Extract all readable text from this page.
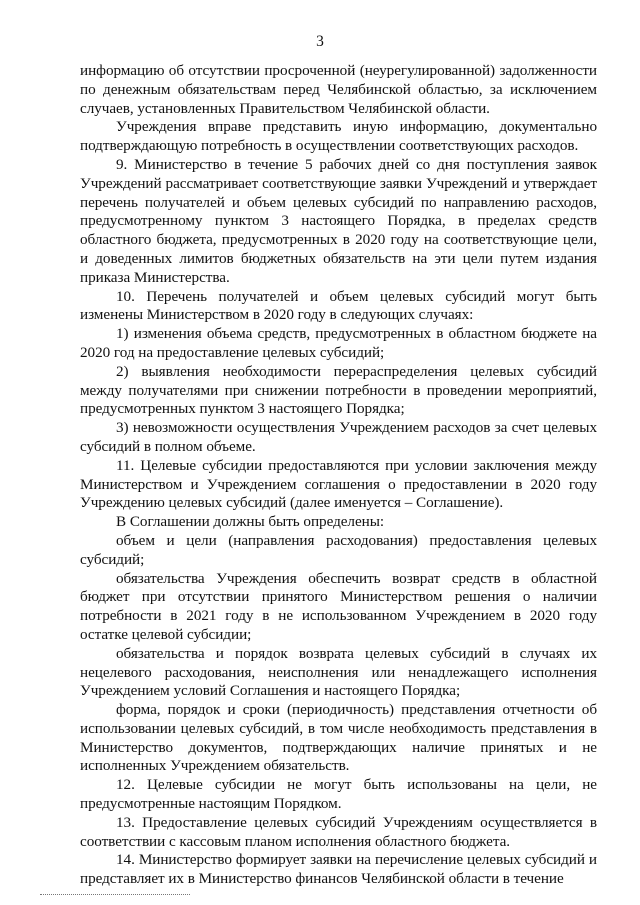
3

информацию об отсутствии просроченной (неурегулированной) задолженности по денежным обязательствам перед Челябинской областью, за исключением случаев, установленных Правительством Челябинской области.

Учреждения вправе представить иную информацию, документально подтверждающую потребность в осуществлении соответствующих расходов.

9. Министерство в течение 5 рабочих дней со дня поступления заявок Учреждений рассматривает соответствующие заявки Учреждений и утверждает перечень получателей и объем целевых субсидий по направлению расходов, предусмотренному пунктом 3 настоящего Порядка, в пределах средств областного бюджета, предусмотренных в 2020 году на соответствующие цели, и доведенных лимитов бюджетных обязательств на эти цели путем издания приказа Министерства.

10. Перечень получателей и объем целевых субсидий могут быть изменены Министерством в 2020 году в следующих случаях:

1) изменения объема средств, предусмотренных в областном бюджете на 2020 год на предоставление целевых субсидий;

2) выявления необходимости перераспределения целевых субсидий между получателями при снижении потребности в проведении мероприятий, предусмотренных пунктом 3 настоящего Порядка;

3) невозможности осуществления Учреждением расходов за счет целевых субсидий в полном объеме.

11. Целевые субсидии предоставляются при условии заключения между Министерством и Учреждением соглашения о предоставлении в 2020 году Учреждению целевых субсидий (далее именуется – Соглашение).

В Соглашении должны быть определены:

объем и цели (направления расходования) предоставления целевых субсидий;

обязательства Учреждения обеспечить возврат средств в областной бюджет при отсутствии принятого Министерством решения о наличии потребности в 2021 году в не использованном Учреждением в 2020 году остатке целевой субсидии;

обязательства и порядок возврата целевых субсидий в случаях их нецелевого расходования, неисполнения или ненадлежащего исполнения Учреждением условий Соглашения и настоящего Порядка;

форма, порядок и сроки (периодичность) представления отчетности об использовании целевых субсидий, в том числе необходимость представления в Министерство документов, подтверждающих наличие принятых и не исполненных Учреждением обязательств.

12. Целевые субсидии не могут быть использованы на цели, не предусмотренные настоящим Порядком.

13. Предоставление целевых субсидий Учреждениям осуществляется в соответствии с кассовым планом исполнения областного бюджета.

14. Министерство формирует заявки на перечисление целевых субсидий и представляет их в Министерство финансов Челябинской области в течение
